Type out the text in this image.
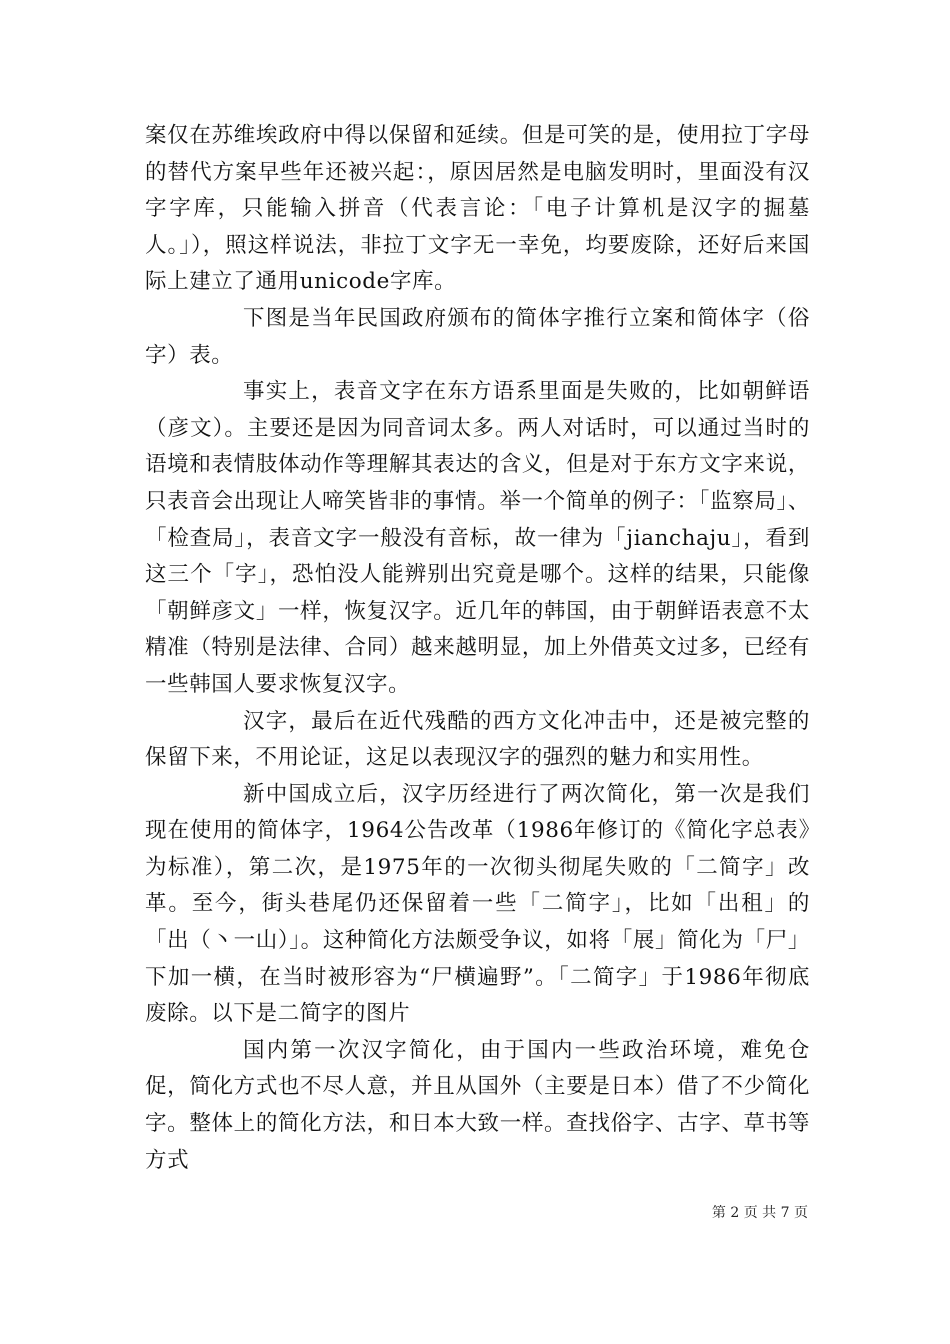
案仅在苏维埃政府中得以保留和延续。但是可笑的是，使用拉丁字母的替代方案早些年还被兴起：，原因居然是电脑发明时，里面没有汉字字库，只能输入拼音（代表言论：「电子计算机是汉字的掘墓人。」），照这样说法，非拉丁文字无一幸免，均要废除，还好后来国际上建立了通用unicode字库。

下图是当年民国政府颁布的简体字推行立案和简体字（俗字）表。

事实上，表音文字在东方语系里面是失败的，比如朝鲜语（彦文）。主要还是因为同音词太多。两人对话时，可以通过当时的语境和表情肢体动作等理解其表达的含义，但是对于东方文字来说，只表音会出现让人啼笑皆非的事情。举一个简单的例子：「监察局」、「检查局」，表音文字一般没有音标，故一律为「jianchaju」，看到这三个「字」，恐怕没人能辨别出究竟是哪个。这样的结果，只能像「朝鲜彦文」一样，恢复汉字。近几年的韩国，由于朝鲜语表意不太精准（特别是法律、合同）越来越明显，加上外借英文过多，已经有一些韩国人要求恢复汉字。

汉字，最后在近代残酷的西方文化冲击中，还是被完整的保留下来，不用论证，这足以表现汉字的强烈的魅力和实用性。

新中国成立后，汉字历经进行了两次简化，第一次是我们现在使用的简体字，1964公告改革（1986年修订的《简化字总表》为标准），第二次，是1975年的一次彻头彻尾失败的「二简字」改革。至今，街头巷尾仍还保留着一些「二简字」，比如「出租」的「出（丶一山）」。这种简化方法颇受争议，如将「展」简化为「尸」下加一横，在当时被形容为“尸横遍野”。「二简字」于1986年彻底废除。以下是二简字的图片

国内第一次汉字简化，由于国内一些政治环境，难免仓促，简化方式也不尽人意，并且从国外（主要是日本）借了不少简化字。整体上的简化方法，和日本大致一样。查找俗字、古字、草书等方式

第 2 页 共 7 页
